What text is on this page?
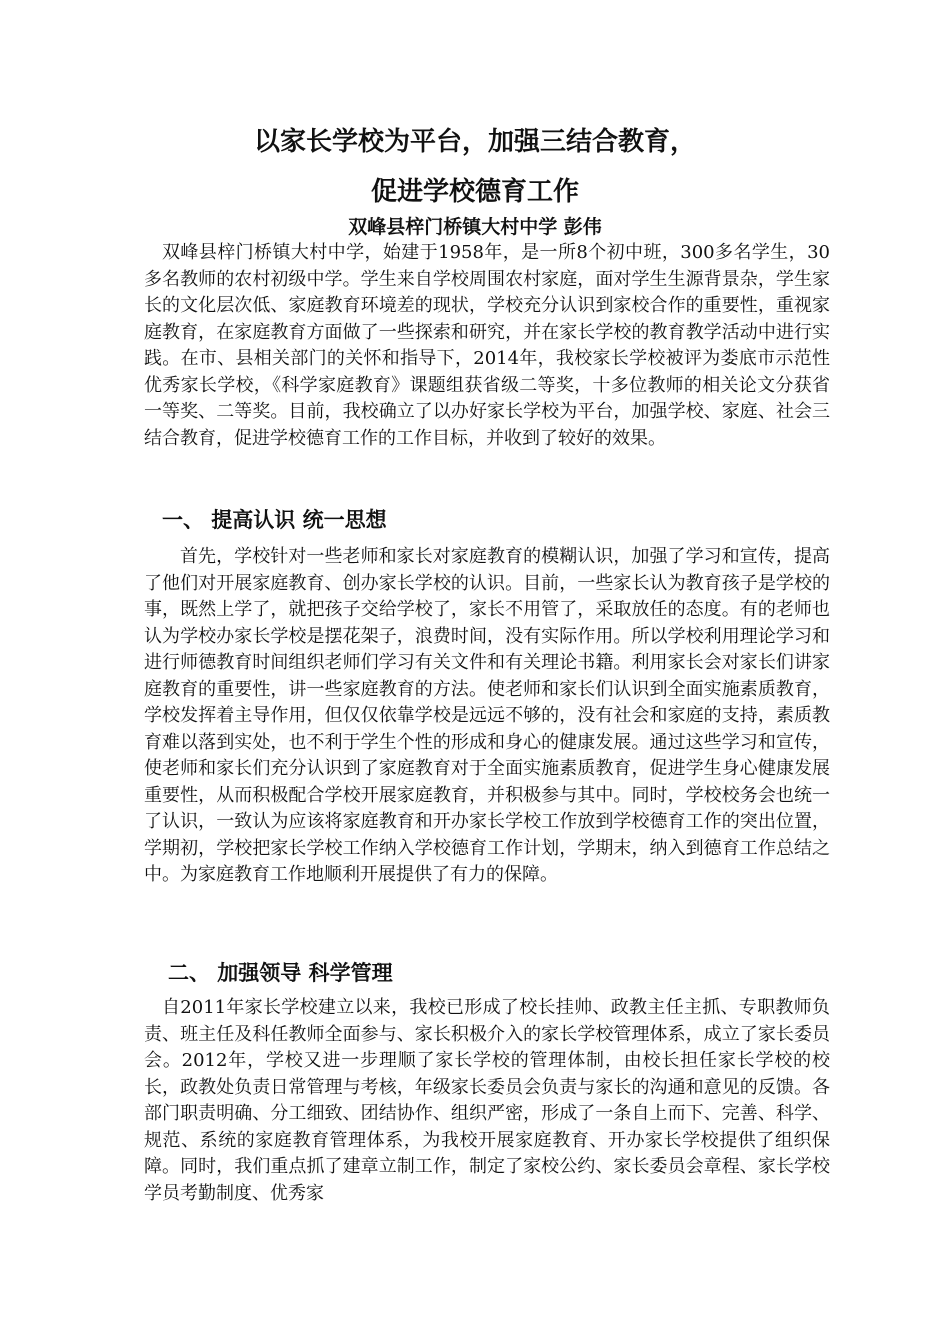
以家长学校为平台，加强三结合教育，
促进学校德育工作

双峰县梓门桥镇大村中学 彭伟

双峰县梓门桥镇大村中学，始建于1958年，是一所8个初中班，300多名学生，30多名教师的农村初级中学。学生来自学校周围农村家庭，面对学生生源背景杂，学生家长的文化层次低、家庭教育环境差的现状，学校充分认识到家校合作的重要性，重视家庭教育，在家庭教育方面做了一些探索和研究，并在家长学校的教育教学活动中进行实践。在市、县相关部门的关怀和指导下，2014年，我校家长学校被评为娄底市示范性优秀家长学校，《科学家庭教育》课题组获省级二等奖，十多位教师的相关论文分获省一等奖、二等奖。目前，我校确立了以办好家长学校为平台，加强学校、家庭、社会三结合教育，促进学校德育工作的工作目标，并收到了较好的效果。

一、 提高认识 统一思想

首先，学校针对一些老师和家长对家庭教育的模糊认识，加强了学习和宣传，提高了他们对开展家庭教育、创办家长学校的认识。目前，一些家长认为教育孩子是学校的事，既然上学了，就把孩子交给学校了，家长不用管了，采取放任的态度。有的老师也认为学校办家长学校是摆花架子，浪费时间，没有实际作用。所以学校利用理论学习和进行师德教育时间组织老师们学习有关文件和有关理论书籍。利用家长会对家长们讲家庭教育的重要性，讲一些家庭教育的方法。使老师和家长们认识到全面实施素质教育，学校发挥着主导作用，但仅仅依靠学校是远远不够的，没有社会和家庭的支持，素质教育难以落到实处，也不利于学生个性的形成和身心的健康发展。通过这些学习和宣传，使老师和家长们充分认识到了家庭教育对于全面实施素质教育，促进学生身心健康发展重要性，从而积极配合学校开展家庭教育，并积极参与其中。同时，学校校务会也统一了认识，一致认为应该将家庭教育和开办家长学校工作放到学校德育工作的突出位置，学期初，学校把家长学校工作纳入学校德育工作计划，学期末，纳入到德育工作总结之中。为家庭教育工作地顺利开展提供了有力的保障。

二、 加强领导 科学管理

自2011年家长学校建立以来，我校已形成了校长挂帅、政教主任主抓、专职教师负责、班主任及科任教师全面参与、家长积极介入的家长学校管理体系，成立了家长委员会。2012年，学校又进一步理顺了家长学校的管理体制，由校长担任家长学校的校长，政教处负责日常管理与考核，年级家长委员会负责与家长的沟通和意见的反馈。各部门职责明确、分工细致、团结协作、组织严密，形成了一条自上而下、完善、科学、规范、系统的家庭教育管理体系，为我校开展家庭教育、开办家长学校提供了组织保障。同时，我们重点抓了建章立制工作，制定了家校公约、家长委员会章程、家长学校学员考勤制度、优秀家
